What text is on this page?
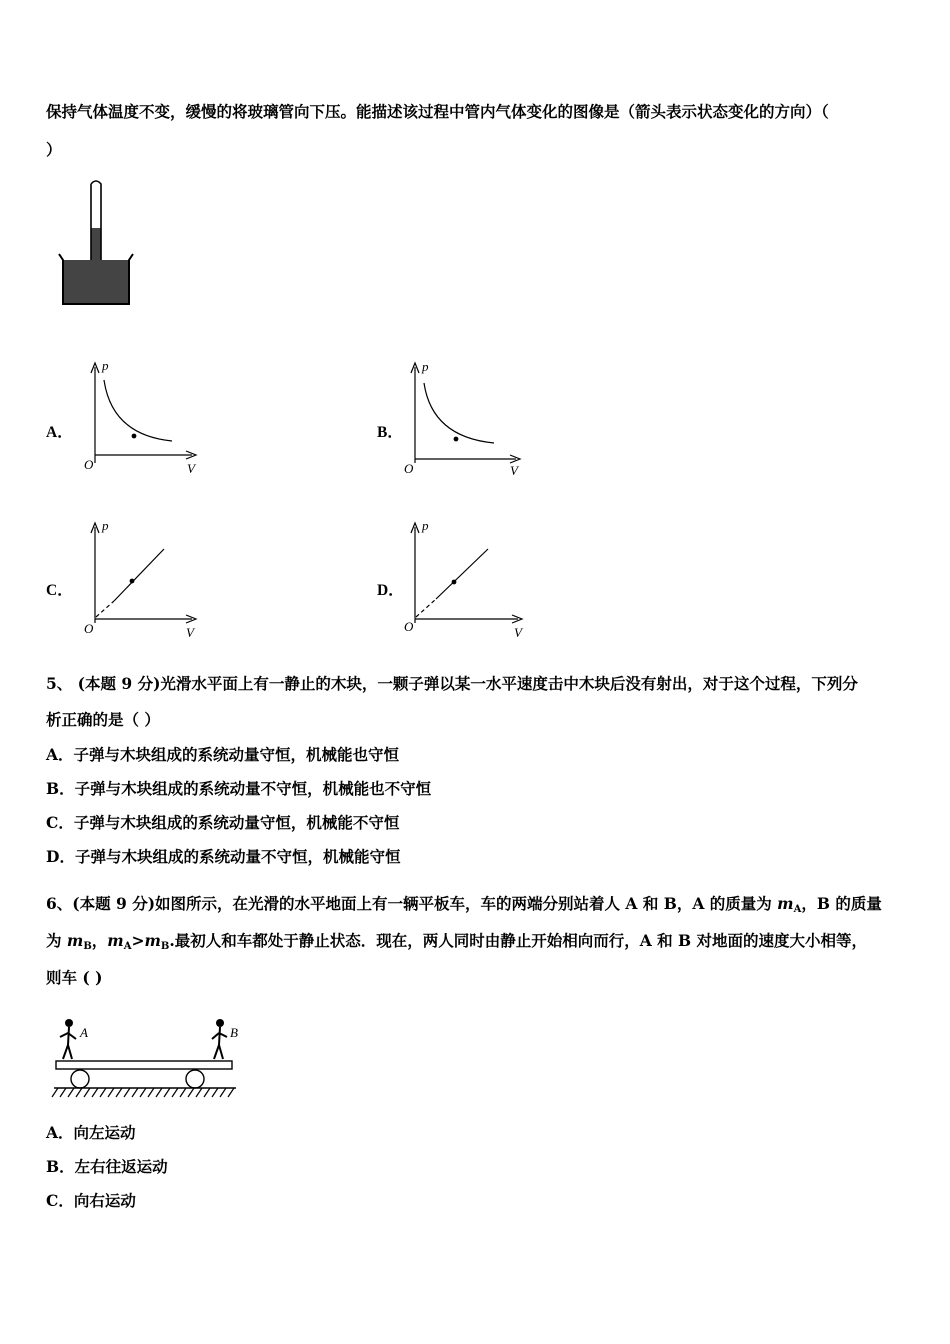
保持气体温度不变，缓慢的将玻璃管向下压。能描述该过程中管内气体变化的图像是（箭头表示状态变化的方向）（
）
A．
p
V
O
B．
p
V
O
C．
p
V
O
D．
p
V
O
5、 (本题 9 分)光滑水平面上有一静止的木块，一颗子弹以某一水平速度击中木块后没有射出，对于这个过程，下列分
析正确的是（ ）
A．子弹与木块组成的系统动量守恒，机械能也守恒
B．子弹与木块组成的系统动量不守恒，机械能也不守恒
C．子弹与木块组成的系统动量守恒，机械能不守恒
D．子弹与木块组成的系统动量不守恒，机械能守恒
6、(本题 9 分)如图所示，在光滑的水平地面上有一辆平板车，车的两端分别站着人 A 和 B，A 的质量为 $m_A$，B 的质量
为 $m_B$，$m_A>m_B$.最初人和车都处于静止状态．现在，两人同时由静止开始相向而行，A 和 B 对地面的速度大小相等，
则车 ( )
A	B
A．向左运动
B．左右往返运动
C．向右运动
